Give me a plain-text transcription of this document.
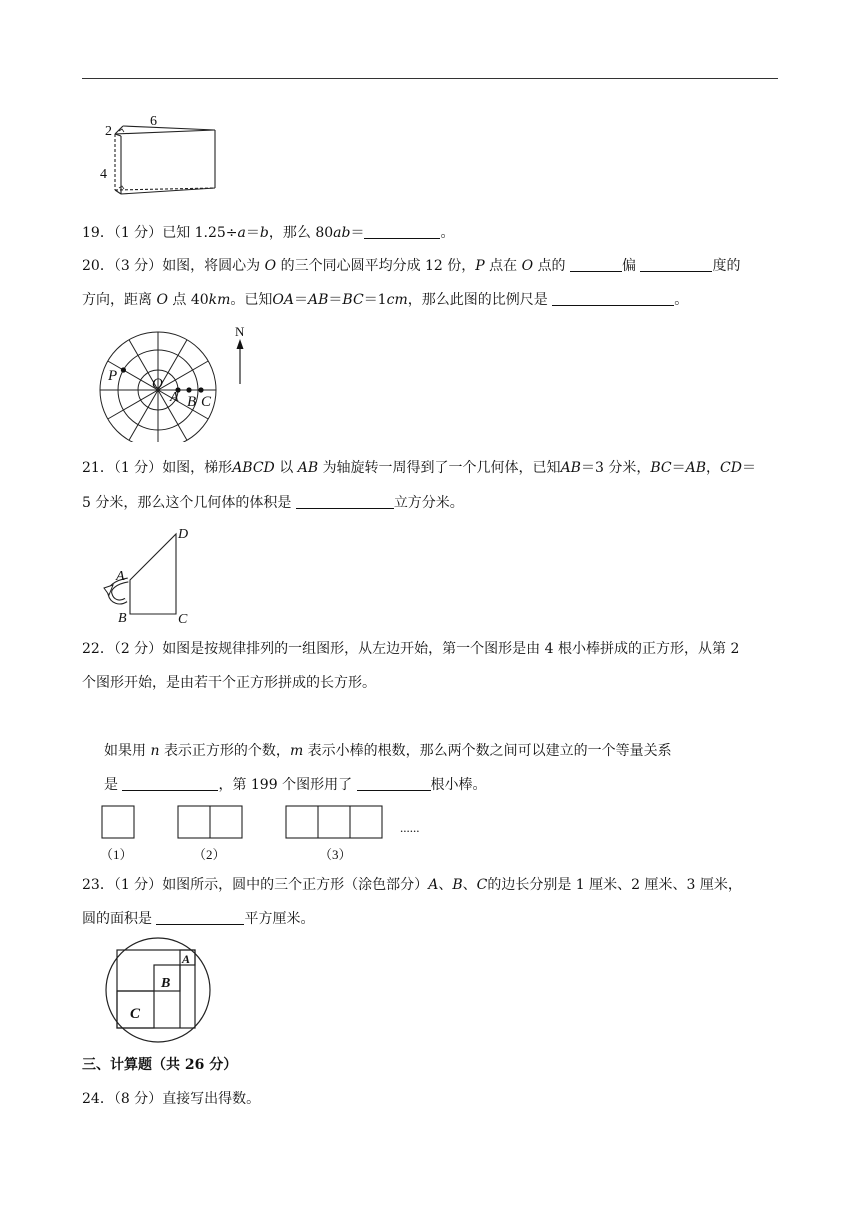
2
6
4
19．（1 分）已知 1.25÷a＝b，那么 80ab＝	。
20．（3 分）如图，将圆心为 O 的三个同心圆平均分成 12 份，P 点在 O 点的	偏	度的
方向，距离 O 点 40km。已知OA＝AB＝BC＝1cm，那么此图的比例尺是	。
P O
A B C
N
21．（1 分）如图，梯形ABCD 以 AB 为轴旋转一周得到了一个几何体，已知AB＝3 分米，BC＝AB，CD＝
5 分米，那么这个几何体的体积是	立方分米。
A
B	C
D
22．（2 分）如图是按规律排列的一组图形，从左边开始，第一个图形是由 4 根小棒拼成的正方形，从第 2
个图形开始，是由若干个正方形拼成的长方形。
如果用 n 表示正方形的个数，m 表示小棒的根数，那么两个数之间可以建立的一个等量关系
是	，第 199 个图形用了	根小棒。
（1）	（2）	（3）
......
23．（1 分）如图所示，圆中的三个正方形（涂色部分）A、B、C的边长分别是 1 厘米、2 厘米、3 厘米，
圆的面积是	平方厘米。
A
B
C
三、计算题（共 26 分）
24．（8 分）直接写出得数。
